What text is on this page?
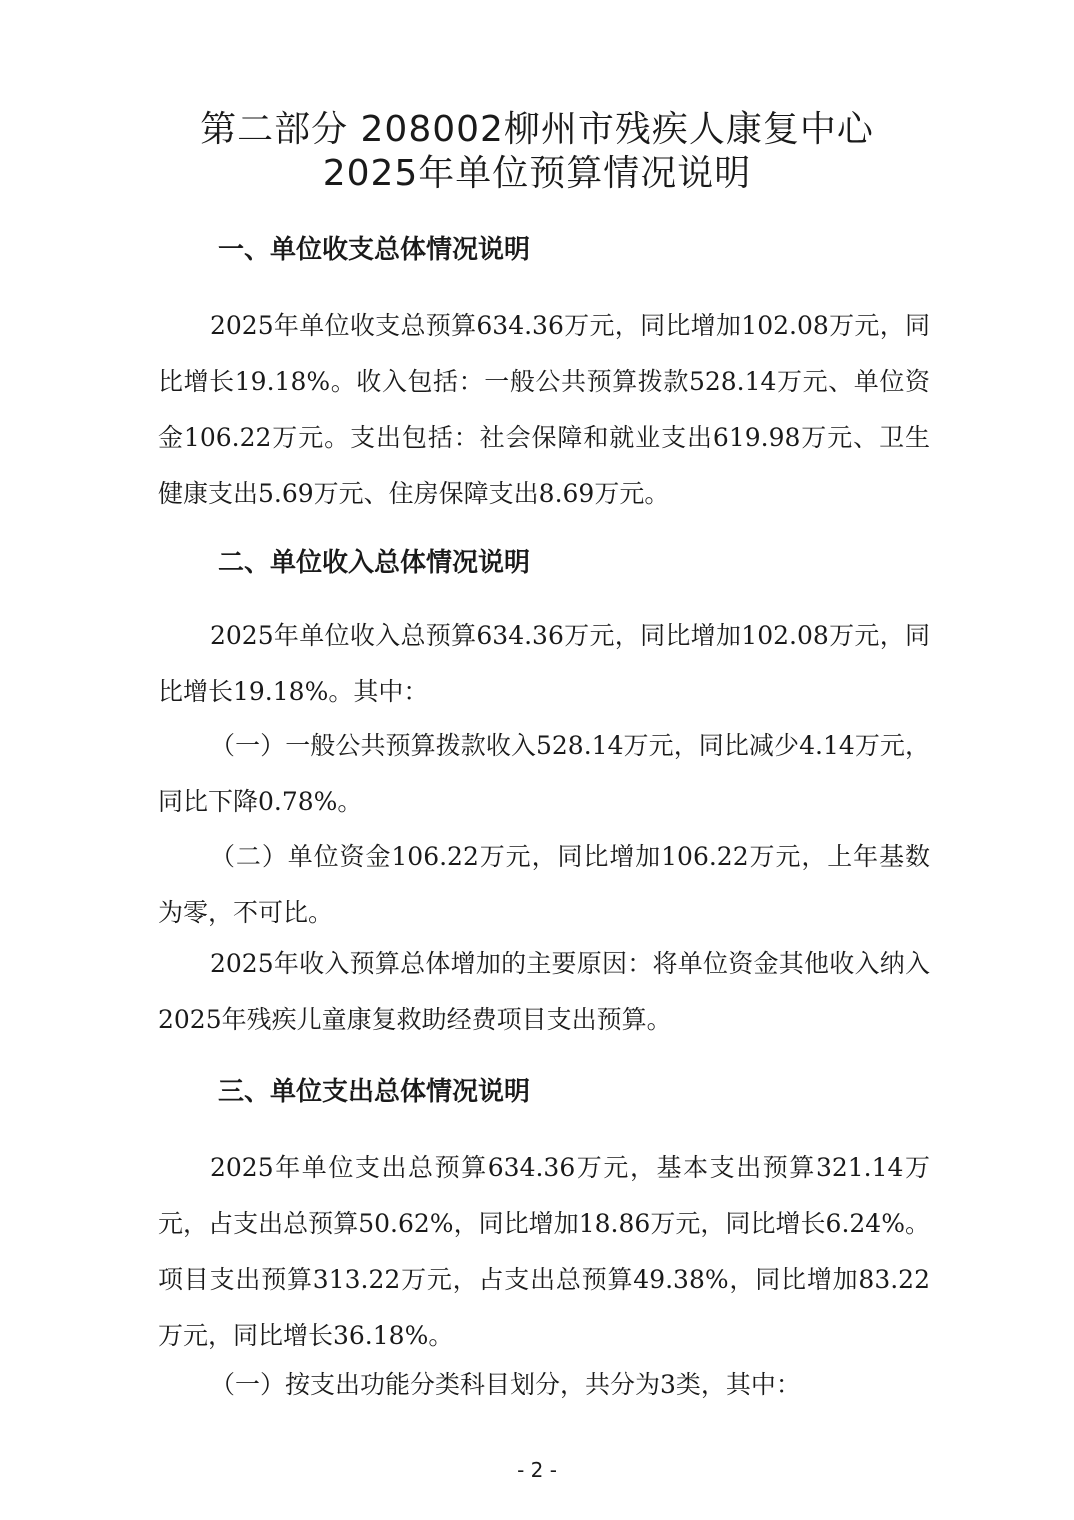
第二部分 208002柳州市残疾人康复中心
2025年单位预算情况说明
一、单位收支总体情况说明
2025年单位收支总预算634.36万元，同比增加102.08万元，同比增长19.18%。收入包括：一般公共预算拨款528.14万元、单位资金106.22万元。支出包括：社会保障和就业支出619.98万元、卫生健康支出5.69万元、住房保障支出8.69万元。
二、单位收入总体情况说明
2025年单位收入总预算634.36万元，同比增加102.08万元，同比增长19.18%。其中：
（一）一般公共预算拨款收入528.14万元，同比减少4.14万元，同比下降0.78%。
（二）单位资金106.22万元，同比增加106.22万元，上年基数为零，不可比。
2025年收入预算总体增加的主要原因：将单位资金其他收入纳入2025年残疾儿童康复救助经费项目支出预算。
三、单位支出总体情况说明
2025年单位支出总预算634.36万元，基本支出预算321.14万元，占支出总预算50.62%，同比增加18.86万元，同比增长6.24%。项目支出预算313.22万元，占支出总预算49.38%，同比增加83.22万元，同比增长36.18%。
（一）按支出功能分类科目划分，共分为3类，其中：
- 2 -
